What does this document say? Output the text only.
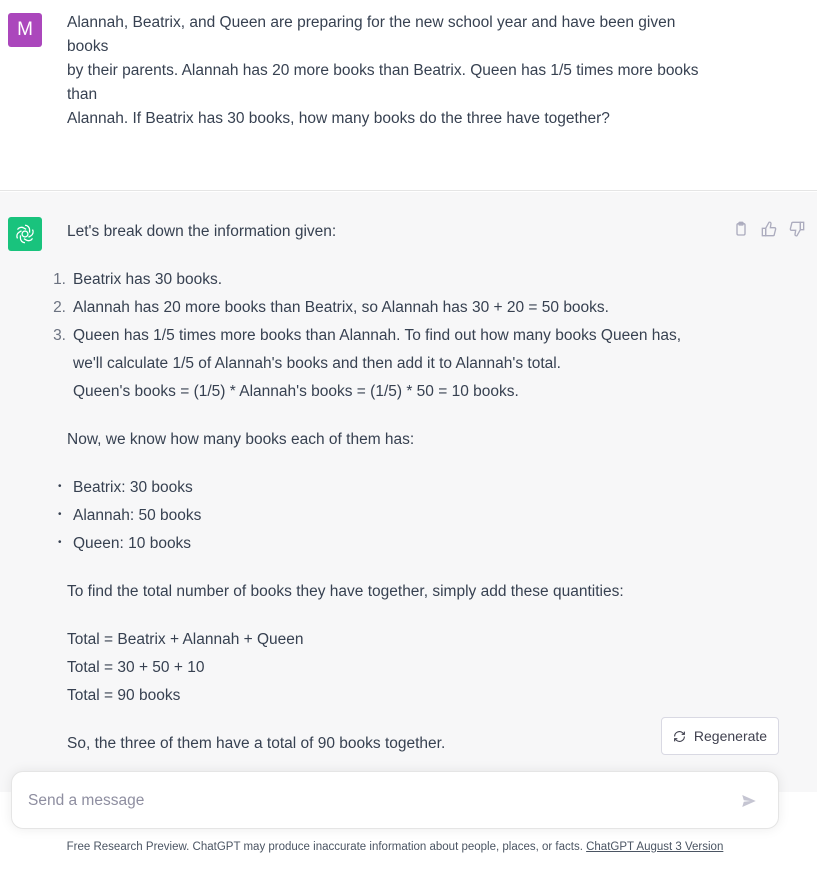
M	Alannah, Beatrix, and Queen are preparing for the new school year and have been given
books
by their parents. Alannah has 20 more books than Beatrix. Queen has 1/5 times more books
than
Alannah. If Beatrix has 30 books, how many books do the three have together?
Let's break down the information given:
1. Beatrix has 30 books.
2. Alannah has 20 more books than Beatrix, so Alannah has 30 + 20 = 50 books.
3. Queen has 1/5 times more books than Alannah. To find out how many books Queen has,
we'll calculate 1/5 of Alannah's books and then add it to Alannah's total.
Queen's books = (1/5) * Alannah's books = (1/5) * 50 = 10 books.
Now, we know how many books each of them has:
• Beatrix: 30 books
• Alannah: 50 books
• Queen: 10 books
To find the total number of books they have together, simply add these quantities:
Total = Beatrix + Alannah + Queen
Total = 30 + 50 + 10
Total = 90 books
So, the three of them have a total of 90 books together.	Regenerate
Send a message
Free Research Preview. ChatGPT may produce inaccurate information about people, places, or facts. ChatGPT August 3 Version
